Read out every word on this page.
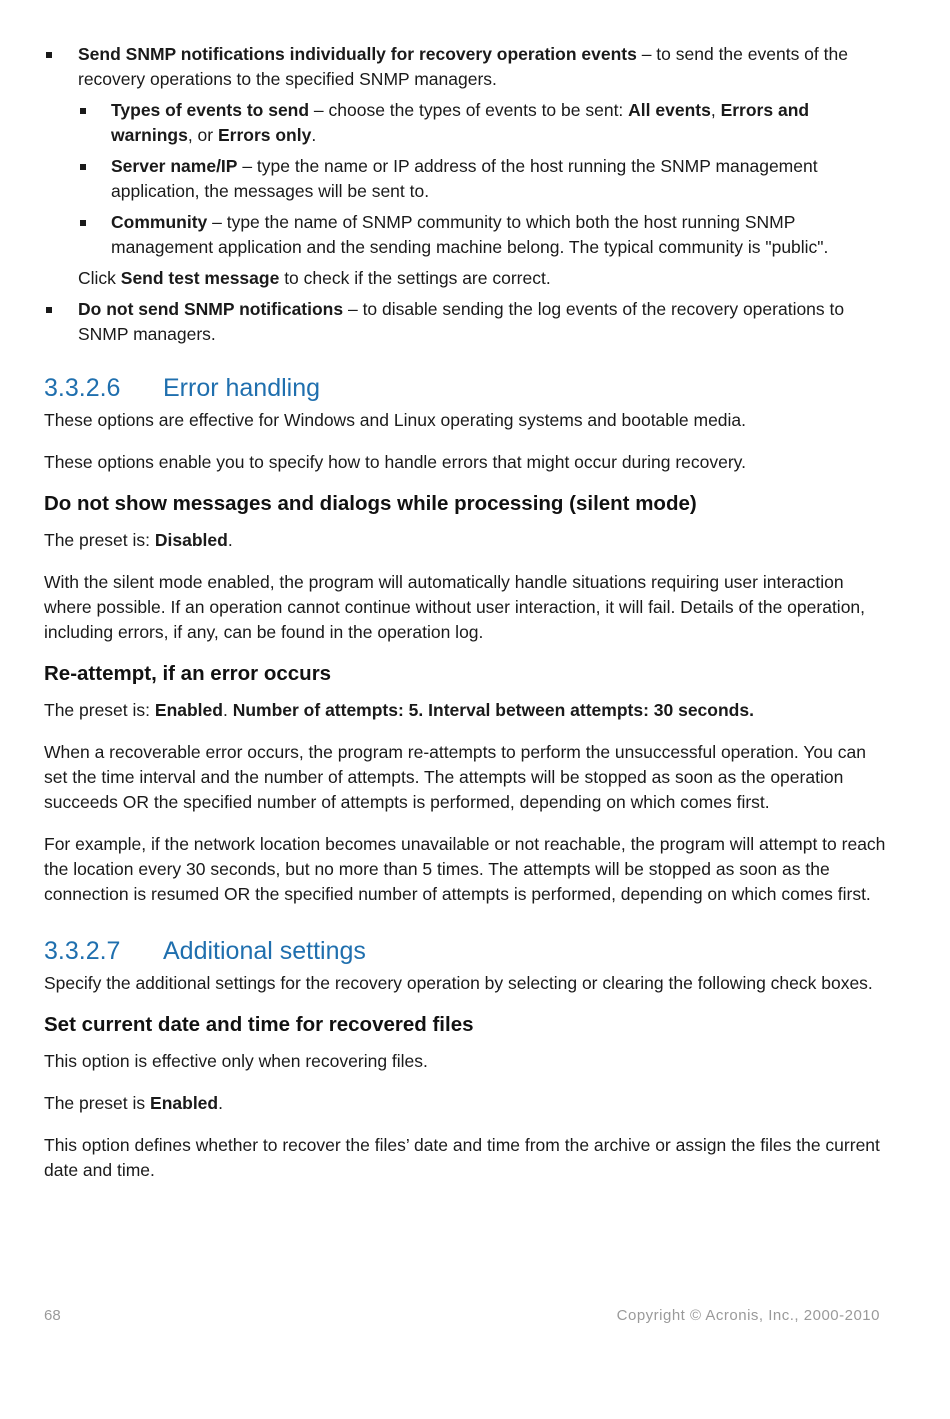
Send SNMP notifications individually for recovery operation events – to send the events of the recovery operations to the specified SNMP managers.

Types of events to send – choose the types of events to be sent: All events, Errors and warnings, or Errors only.

Server name/IP – type the name or IP address of the host running the SNMP management application, the messages will be sent to.

Community – type the name of SNMP community to which both the host running SNMP management application and the sending machine belong. The typical community is "public".

Click Send test message to check if the settings are correct.

Do not send SNMP notifications – to disable sending the log events of the recovery operations to SNMP managers.

3.3.2.6 Error handling

These options are effective for Windows and Linux operating systems and bootable media.

These options enable you to specify how to handle errors that might occur during recovery.

Do not show messages and dialogs while processing (silent mode)

The preset is: Disabled.

With the silent mode enabled, the program will automatically handle situations requiring user interaction where possible. If an operation cannot continue without user interaction, it will fail. Details of the operation, including errors, if any, can be found in the operation log.

Re-attempt, if an error occurs

The preset is: Enabled. Number of attempts: 5. Interval between attempts: 30 seconds.

When a recoverable error occurs, the program re-attempts to perform the unsuccessful operation. You can set the time interval and the number of attempts. The attempts will be stopped as soon as the operation succeeds OR the specified number of attempts is performed, depending on which comes first.

For example, if the network location becomes unavailable or not reachable, the program will attempt to reach the location every 30 seconds, but no more than 5 times. The attempts will be stopped as soon as the connection is resumed OR the specified number of attempts is performed, depending on which comes first.

3.3.2.7 Additional settings

Specify the additional settings for the recovery operation by selecting or clearing the following check boxes.

Set current date and time for recovered files

This option is effective only when recovering files.

The preset is Enabled.

This option defines whether to recover the files’ date and time from the archive or assign the files the current date and time.

68	Copyright © Acronis, Inc., 2000-2010
